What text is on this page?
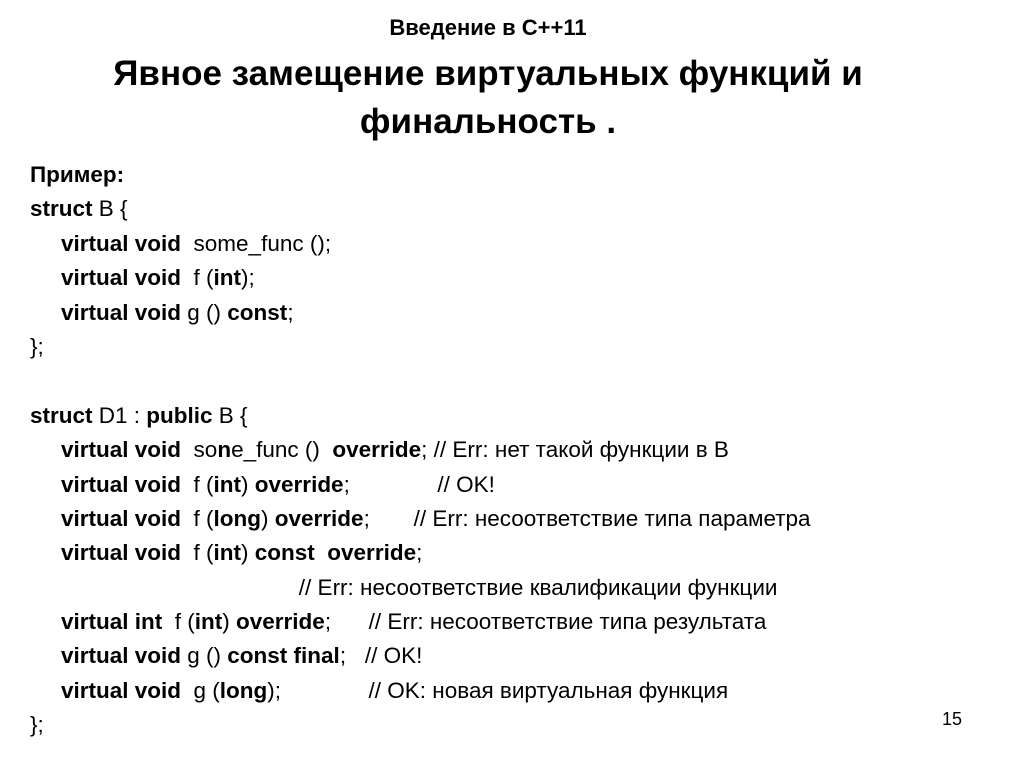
Введение в C++11
Явное замещение виртуальных функций и
финальность .
Пример:
struct B {
virtual void  some_func ();
virtual void  f (int);
virtual void g () const;
};
struct D1 : public B {
virtual void  sone_func ()  override; // Err: нет такой функции в B
virtual void  f (int) override;              // OK!
virtual void  f (long) override;       // Err: несоответствие типа параметра
virtual void  f (int) const  override;
// Err: несоответствие квалификации функции
virtual int  f (int) override;      // Err: несоответствие типа результата
virtual void g () const final;   // OK!
virtual void  g (long);              // OK: новая виртуальная функция
};	15
